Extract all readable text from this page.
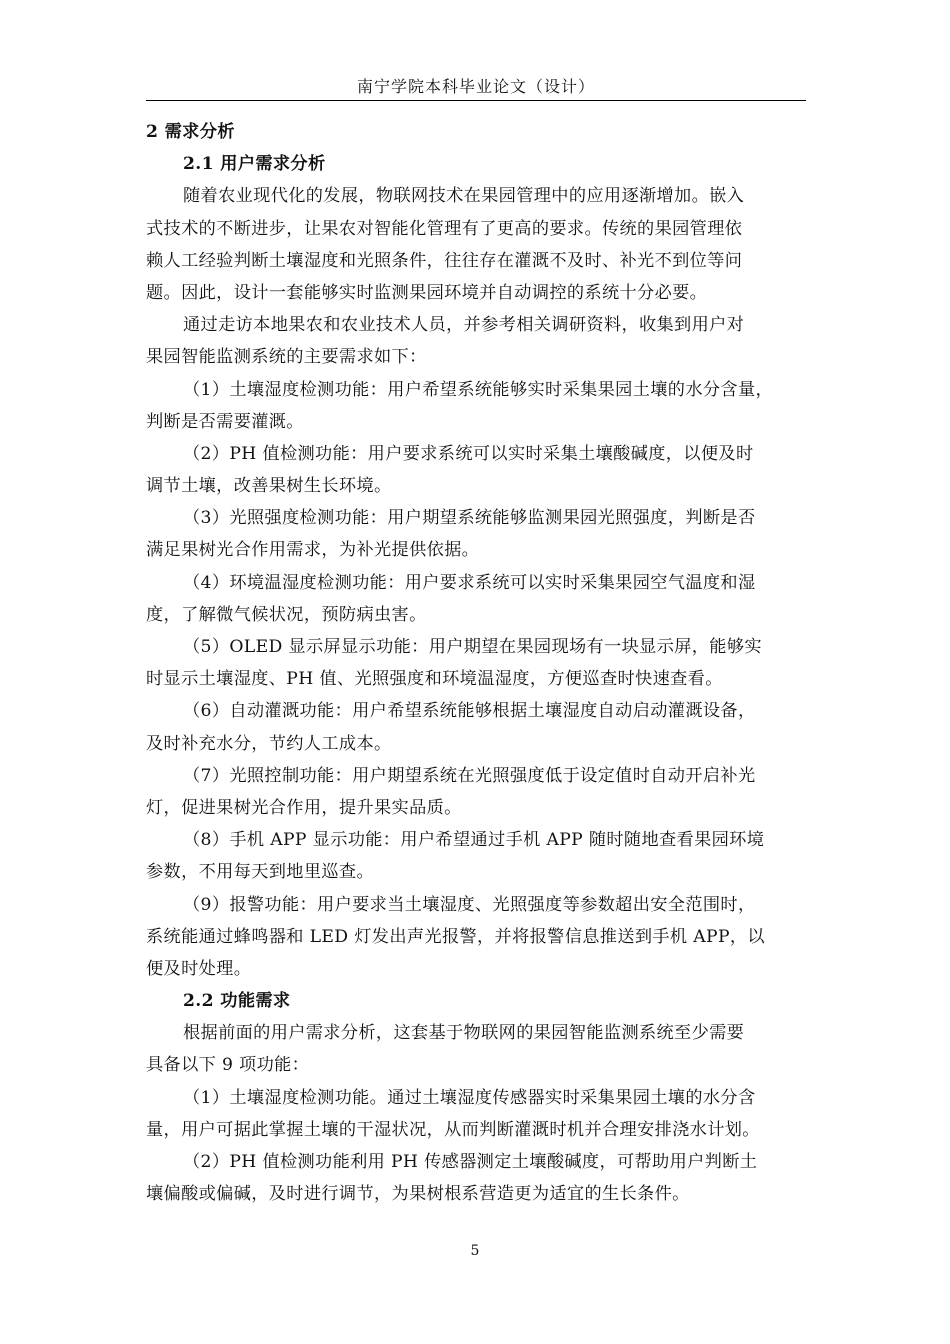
南宁学院本科毕业论文（设计）
2 需求分析
2.1 用户需求分析
随着农业现代化的发展，物联网技术在果园管理中的应用逐渐增加。嵌入
式技术的不断进步，让果农对智能化管理有了更高的要求。传统的果园管理依
赖人工经验判断土壤湿度和光照条件，往往存在灌溉不及时、补光不到位等问
题。因此，设计一套能够实时监测果园环境并自动调控的系统十分必要。
通过走访本地果农和农业技术人员，并参考相关调研资料，收集到用户对
果园智能监测系统的主要需求如下：
（1）土壤湿度检测功能：用户希望系统能够实时采集果园土壤的水分含量，
判断是否需要灌溉。
（2）PH 值检测功能：用户要求系统可以实时采集土壤酸碱度，以便及时
调节土壤，改善果树生长环境。
（3）光照强度检测功能：用户期望系统能够监测果园光照强度，判断是否
满足果树光合作用需求，为补光提供依据。
（4）环境温湿度检测功能：用户要求系统可以实时采集果园空气温度和湿
度，了解微气候状况，预防病虫害。
（5）OLED 显示屏显示功能：用户期望在果园现场有一块显示屏，能够实
时显示土壤湿度、PH 值、光照强度和环境温湿度，方便巡查时快速查看。
（6）自动灌溉功能：用户希望系统能够根据土壤湿度自动启动灌溉设备，
及时补充水分，节约人工成本。
（7）光照控制功能：用户期望系统在光照强度低于设定值时自动开启补光
灯，促进果树光合作用，提升果实品质。
（8）手机 APP 显示功能：用户希望通过手机 APP 随时随地查看果园环境
参数，不用每天到地里巡查。
（9）报警功能：用户要求当土壤湿度、光照强度等参数超出安全范围时，
系统能通过蜂鸣器和 LED 灯发出声光报警，并将报警信息推送到手机 APP，以
便及时处理。
2.2 功能需求
根据前面的用户需求分析，这套基于物联网的果园智能监测系统至少需要
具备以下 9 项功能：
（1）土壤湿度检测功能。通过土壤湿度传感器实时采集果园土壤的水分含
量，用户可据此掌握土壤的干湿状况，从而判断灌溉时机并合理安排浇水计划。
（2）PH 值检测功能利用 PH 传感器测定土壤酸碱度，可帮助用户判断土
壤偏酸或偏碱，及时进行调节，为果树根系营造更为适宜的生长条件。
5
